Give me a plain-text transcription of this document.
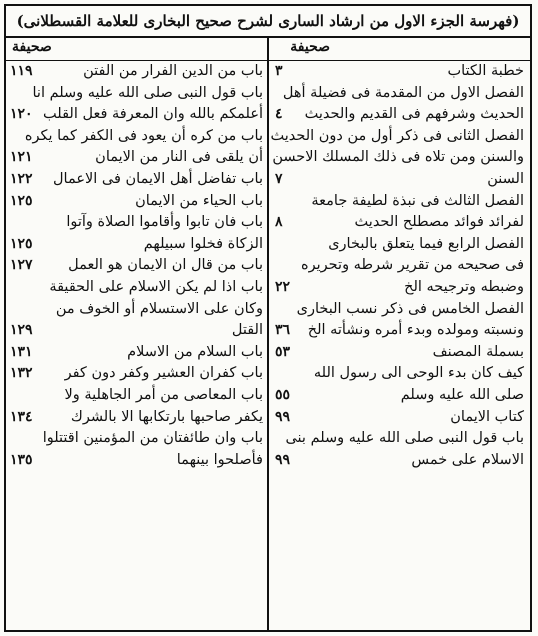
(فهرسة الجزء الاول من ارشاد السارى لشرح صحيح البخارى للعلامة القسطلانى)
صحيفة
خطبة الكتاب
٣
الفصل الاول من المقدمة فى فضيلة أهل
الحديث وشرفهم فى القديم والحديث
٤
الفصل الثانى فى ذكر أول من دون الحديث
والسنن ومن تلاه فى ذلك المسلك الاحسن
السنن
٧
الفصل الثالث فى نبذة لطيفة جامعة
لفرائد فوائد مصطلح الحديث
٨
الفصل الرابع فيما يتعلق بالبخارى
فى صحيحه من تقرير شرطه وتحريره
وضبطه وترجيحه الخ
٢٢
الفصل الخامس فى ذكر نسب البخارى
ونسبته ومولده وبدء أمره ونشأته الخ
٣٦
بسملة المصنف
٥٣
كيف كان بدء الوحى الى رسول الله
صلى الله عليه وسلم
٥٥
كتاب الايمان
٩٩
باب قول النبى صلى الله عليه وسلم بنى
الاسلام على خمس
٩٩
صحيفة
باب من الدين الفرار من الفتن
١١٩
باب قول النبى صلى الله عليه وسلم انا
أعلمكم بالله وان المعرفة فعل القلب
١٢٠
باب من كره أن يعود فى الكفر كما يكره
أن يلقى فى النار من الايمان
١٢١
باب تفاضل أهل الايمان فى الاعمال
١٢٢
باب الحياء من الايمان
١٢٥
باب فان تابوا وأقاموا الصلاة وآتوا
الزكاة فخلوا سبيلهم
١٢٥
باب من قال ان الايمان هو العمل
١٢٧
باب اذا لم يكن الاسلام على الحقيقة
وكان على الاستسلام أو الخوف من
القتل
١٢٩
باب السلام من الاسلام
١٣١
باب كفران العشير وكفر دون كفر
١٣٢
باب المعاصى من أمر الجاهلية ولا
يكفر صاحبها بارتكابها الا بالشرك
١٣٤
باب وان طائفتان من المؤمنين اقتتلوا
فأصلحوا بينهما
١٣٥
